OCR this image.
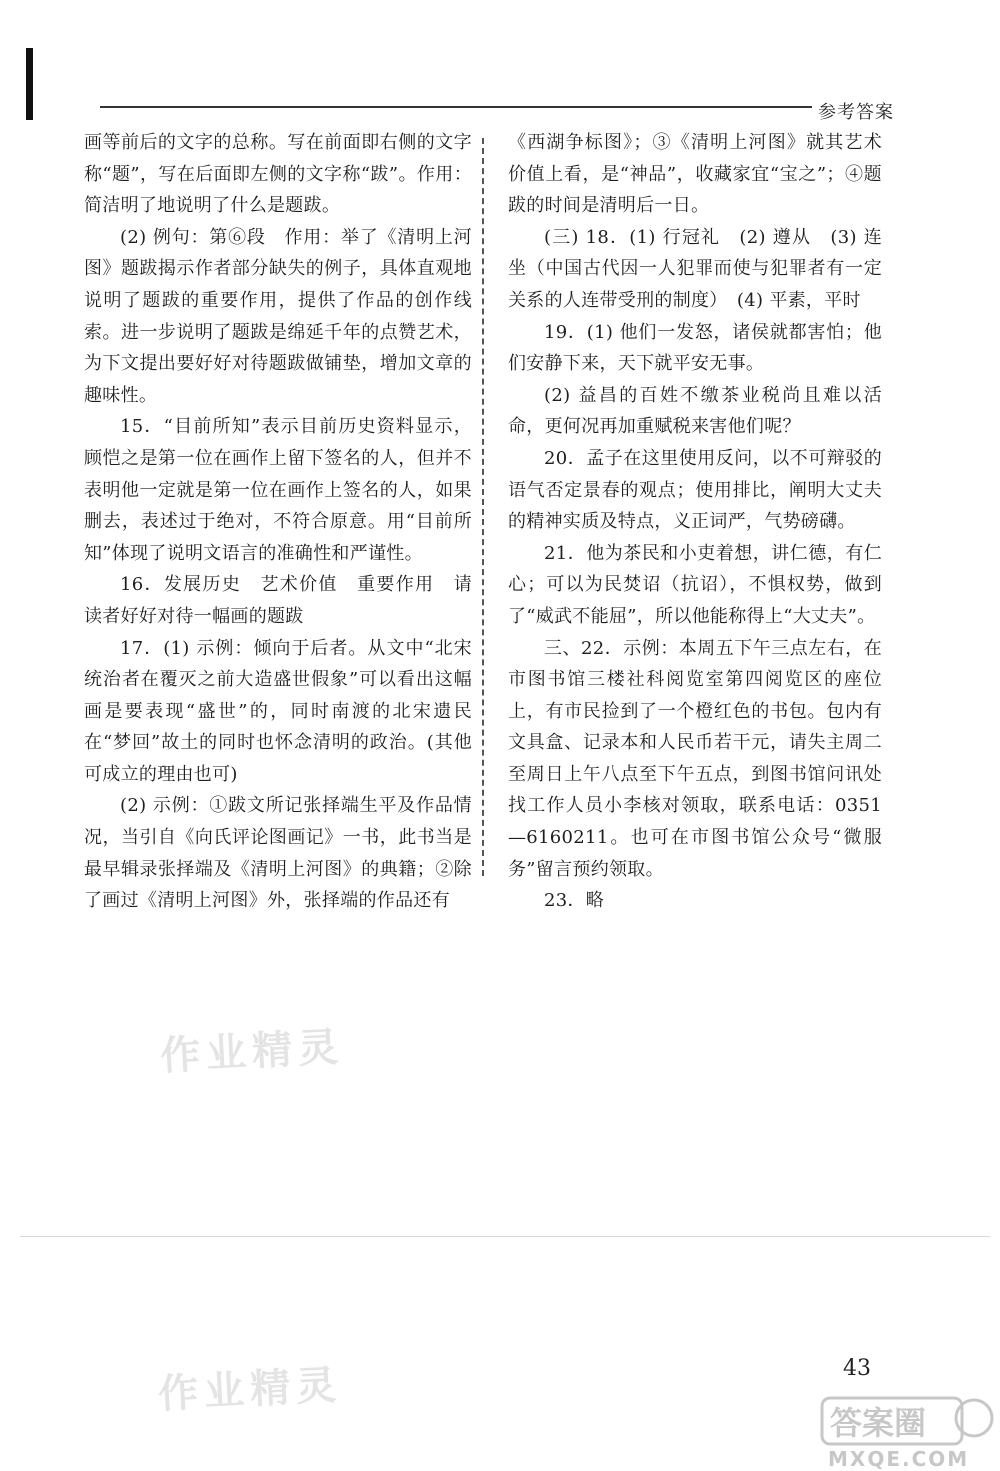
参考答案

画等前后的文字的总称。写在前面即右侧的文字称“题”，写在后面即左侧的文字称“跋”。作用：简洁明了地说明了什么是题跋。

(2) 例句：第⑥段　作用：举了《清明上河图》题跋揭示作者部分缺失的例子，具体直观地说明了题跋的重要作用，提供了作品的创作线索。进一步说明了题跋是绵延千年的点赞艺术，为下文提出要好好对待题跋做铺垫，增加文章的趣味性。

15．“目前所知”表示目前历史资料显示，顾恺之是第一位在画作上留下签名的人，但并不表明他一定就是第一位在画作上签名的人，如果删去，表述过于绝对，不符合原意。用“目前所知”体现了说明文语言的准确性和严谨性。

16．发展历史　艺术价值　重要作用　请读者好好对待一幅画的题跋

17．(1) 示例：倾向于后者。从文中“北宋统治者在覆灭之前大造盛世假象”可以看出这幅画是要表现“盛世”的，同时南渡的北宋遗民在“梦回”故土的同时也怀念清明的政治。(其他可成立的理由也可)

(2) 示例：①跋文所记张择端生平及作品情况，当引自《向氏评论图画记》一书，此书当是最早辑录张择端及《清明上河图》的典籍；②除了画过《清明上河图》外，张择端的作品还有

《西湖争标图》；③《清明上河图》就其艺术价值上看，是“神品”，收藏家宜“宝之”；④题跋的时间是清明后一日。

(三) 18．(1) 行冠礼　(2) 遵从　(3) 连坐（中国古代因一人犯罪而使与犯罪者有一定关系的人连带受刑的制度）　(4) 平素，平时

19．(1) 他们一发怒，诸侯就都害怕；他们安静下来，天下就平安无事。

(2) 益昌的百姓不缴茶业税尚且难以活命，更何况再加重赋税来害他们呢？

20．孟子在这里使用反问，以不可辩驳的语气否定景春的观点；使用排比，阐明大丈夫的精神实质及特点，义正词严，气势磅礴。

21．他为茶民和小吏着想，讲仁德，有仁心；可以为民焚诏（抗诏），不惧权势，做到了“威武不能屈”，所以他能称得上“大丈夫”。

三、22．示例：本周五下午三点左右，在市图书馆三楼社科阅览室第四阅览区的座位上，有市民捡到了一个橙红色的书包。包内有文具盒、记录本和人民币若干元，请失主周二至周日上午八点至下午五点，到图书馆问讯处找工作人员小李核对领取，联系电话：0351—6160211。也可在市图书馆公众号“微服务”留言预约领取。

23．略

作业精灵
作业精灵	43
答案圈
MXQE.COM
